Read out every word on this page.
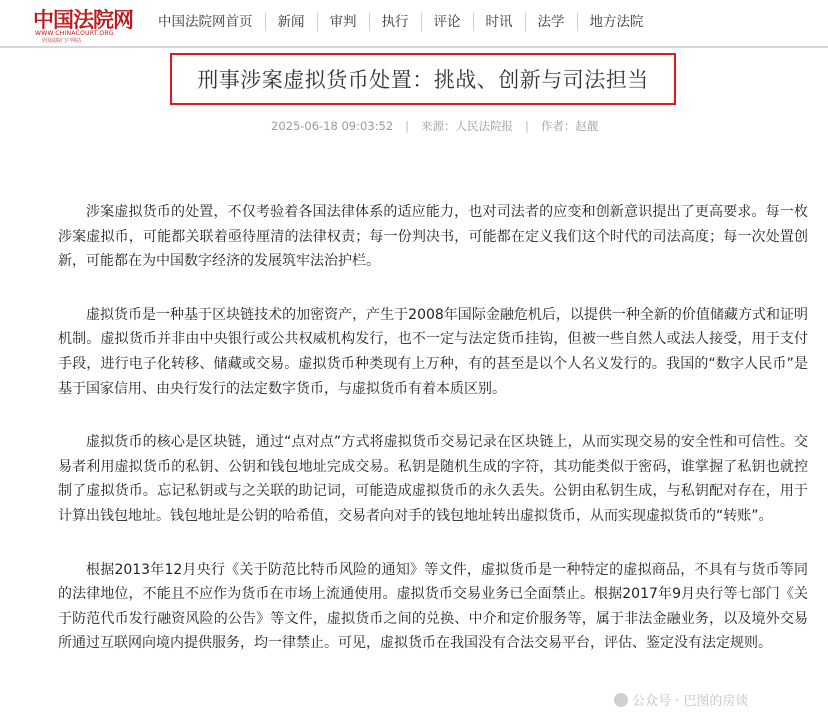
中国法院网
WWW.CHINACOURT.ORG
全国法院门户网站
中国法院网首页	新闻	审判	执行	评论	时讯	法学	地方法院
刑事涉案虚拟货币处置：挑战、创新与司法担当
2025-06-18 09:03:52 | 来源：人民法院报 | 作者：赵靓

涉案虚拟货币的处置，不仅考验着各国法律体系的适应能力，也对司法者的应变和创新意识提出了更高要求。每一枚涉案虚拟币，可能都关联着亟待厘清的法律权责；每一份判决书，可能都在定义我们这个时代的司法高度；每一次处置创新，可能都在为中国数字经济的发展筑牢法治护栏。

虚拟货币是一种基于区块链技术的加密资产，产生于2008年国际金融危机后，以提供一种全新的价值储藏方式和证明机制。虚拟货币并非由中央银行或公共权威机构发行，也不一定与法定货币挂钩，但被一些自然人或法人接受，用于支付手段，进行电子化转移、储藏或交易。虚拟货币种类现有上万种，有的甚至是以个人名义发行的。我国的“数字人民币”是基于国家信用、由央行发行的法定数字货币，与虚拟货币有着本质区别。

虚拟货币的核心是区块链，通过“点对点”方式将虚拟货币交易记录在区块链上，从而实现交易的安全性和可信性。交易者利用虚拟货币的私钥、公钥和钱包地址完成交易。私钥是随机生成的字符，其功能类似于密码，谁掌握了私钥也就控制了虚拟货币。忘记私钥或与之关联的助记词，可能造成虚拟货币的永久丢失。公钥由私钥生成，与私钥配对存在，用于计算出钱包地址。钱包地址是公钥的哈希值，交易者向对手的钱包地址转出虚拟货币，从而实现虚拟货币的“转账”。

根据2013年12月央行《关于防范比特币风险的通知》等文件，虚拟货币是一种特定的虚拟商品，不具有与货币等同的法律地位，不能且不应作为货币在市场上流通使用。虚拟货币交易业务已全面禁止。根据2017年9月央行等七部门《关于防范代币发行融资风险的公告》等文件，虚拟货币之间的兑换、中介和定价服务等，属于非法金融业务，以及境外交易所通过互联网向境内提供服务，均一律禁止。可见，虚拟货币在我国没有合法交易平台，评估、鉴定没有法定规则。

公众号 · 巴图的房谈
